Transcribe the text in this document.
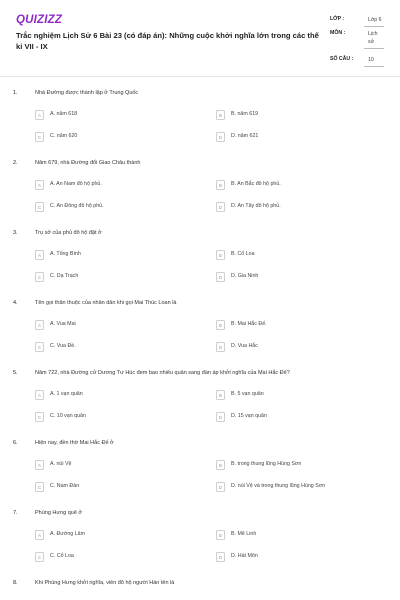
QUIZIZZ
Trắc nghiệm Lịch Sử 6 Bài 23 (có đáp án): Những cuộc khởi nghĩa lớn trong các thế kỉ VII - IX
LỚP :	Lớp 6
MÔN :	Lịch sử
SỐ CÂU :	10
1.	Nhà Đường được thành lập ở Trung Quốc
A	A. năm 618	B	B. năm 619
C	C. năm 620	D	D. năm 621
2.	Năm 679, nhà Đường đổi Giao Châu thành
A	A. An Nam đô hộ phủ.	B	B. An Bắc đô hộ phủ.
C	C. An Đông đô hộ phủ.	D	D. An Tây đô hộ phủ.
3.	Trụ sở của phủ đô hộ đặt ở
A	A. Tống Bình	B	B. Cổ Loa
C	C. Dạ Trạch	D	D. Gia Ninh
4.	Tên gọi thân thuộc của nhân dân khi gọi Mai Thúc Loan là
A	A. Vua Mai	B	B. Mai Hắc Đế.
C	C. Vua Đề.	D	D. Vua Hắc
5.	Năm 722, nhà Đường cử Dương Tư Húc đem bao nhiêu quân sang đàn áp khởi nghĩa của Mai Hắc Đế?
A	A. 1 vạn quân	B	B. 5 vạn quân
C	C. 10 vạn quân	D	D. 15 vạn quân
6.	Hiện nay, đền thờ Mai Hắc Đế ở
A	A. núi Vệ	B	B. trong thung lũng Hùng Sơn
C	C. Nam Đàn	D	D. núi Vệ và trong thung lũng Hùng Sơn
7.	Phùng Hưng quê ở
A	A. Đường Lâm	B	B. Mê Linh
C	C. Cổ Loa	D	D. Hát Môn
8.	Khi Phùng Hưng khởi nghĩa, viên đô hộ người Hán tên là
